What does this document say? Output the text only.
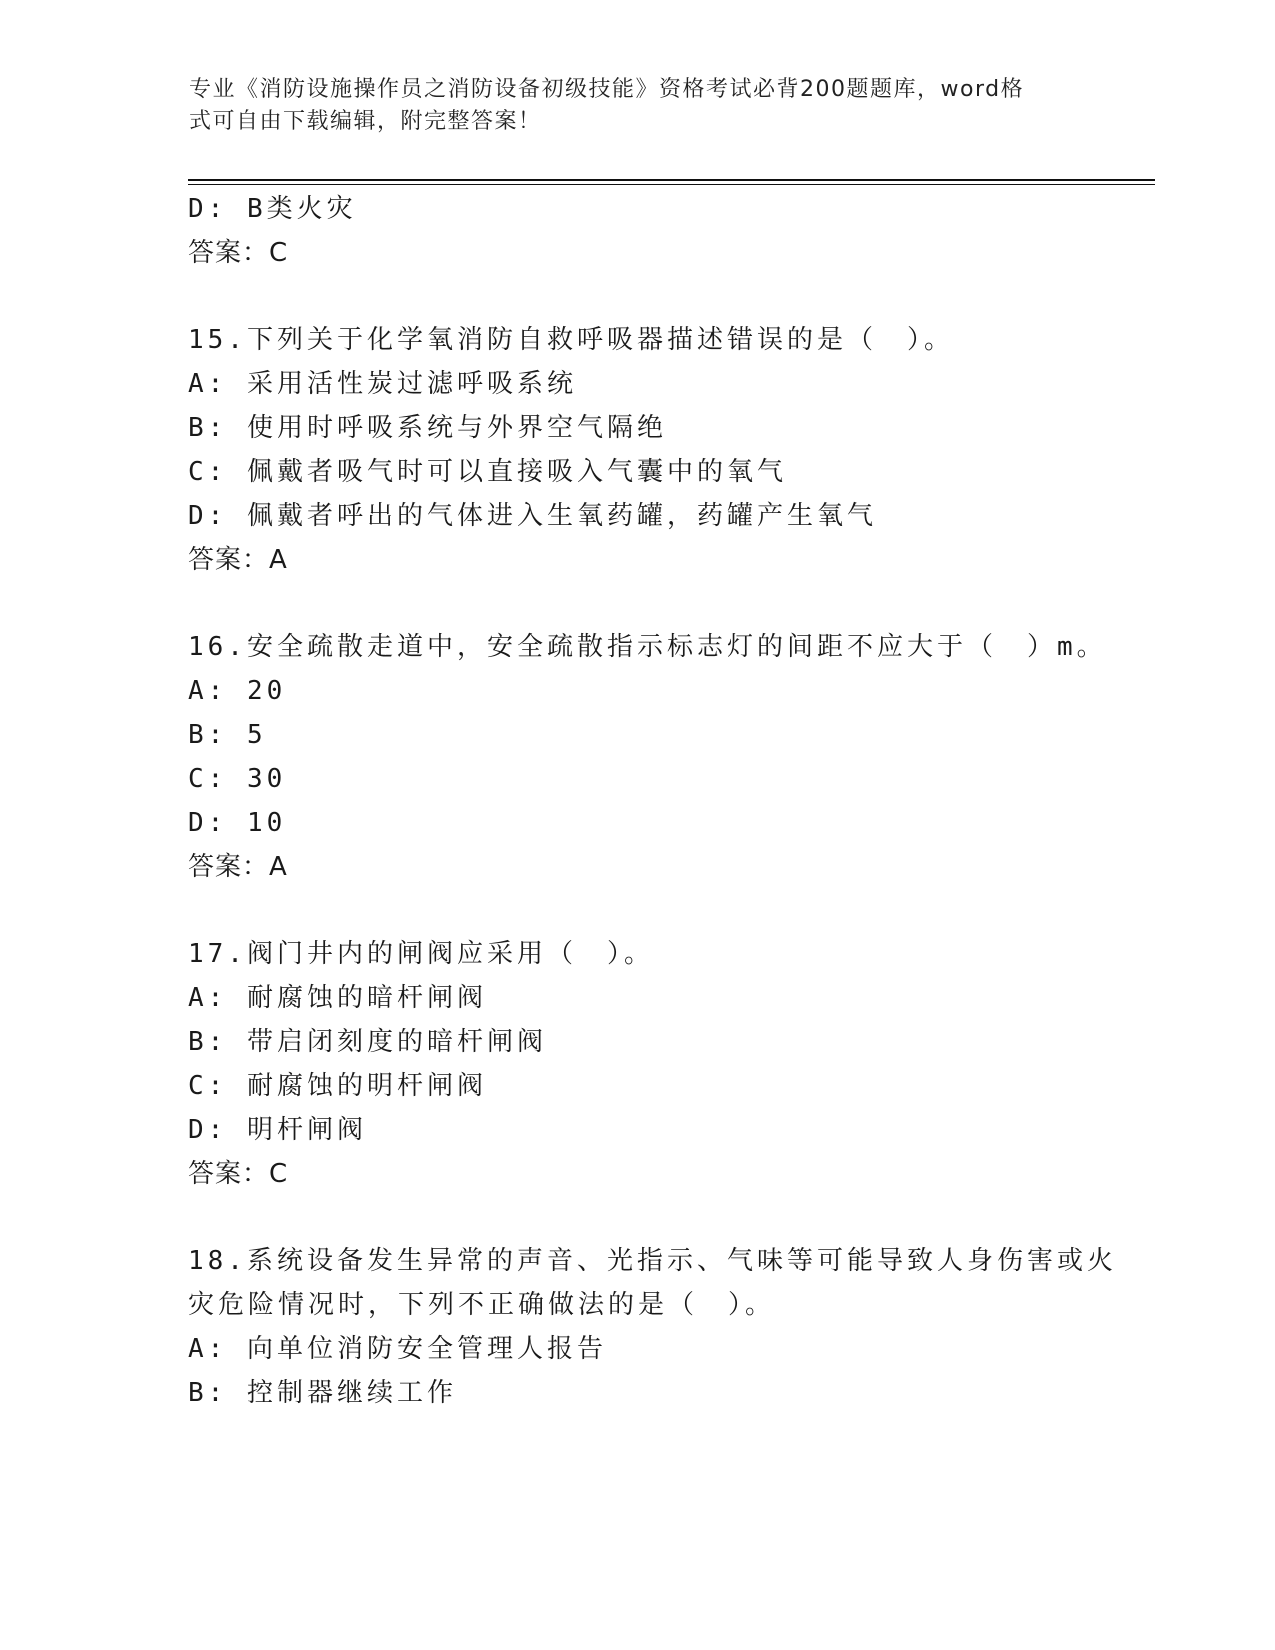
专业《消防设施操作员之消防设备初级技能》资格考试必背200题题库，word格
式可自由下载编辑，附完整答案！
D: B类火灾
答案：C
15.下列关于化学氧消防自救呼吸器描述错误的是（　）。
A: 采用活性炭过滤呼吸系统
B: 使用时呼吸系统与外界空气隔绝
C: 佩戴者吸气时可以直接吸入气囊中的氧气
D: 佩戴者呼出的气体进入生氧药罐，药罐产生氧气
答案：A
16.安全疏散走道中，安全疏散指示标志灯的间距不应大于（　）m。
A: 20
B: 5
C: 30
D: 10
答案：A
17.阀门井内的闸阀应采用（　）。
A: 耐腐蚀的暗杆闸阀
B: 带启闭刻度的暗杆闸阀
C: 耐腐蚀的明杆闸阀
D: 明杆闸阀
答案：C
18.系统设备发生异常的声音、光指示、气味等可能导致人身伤害或火
灾危险情况时，下列不正确做法的是（　）。
A: 向单位消防安全管理人报告
B: 控制器继续工作
